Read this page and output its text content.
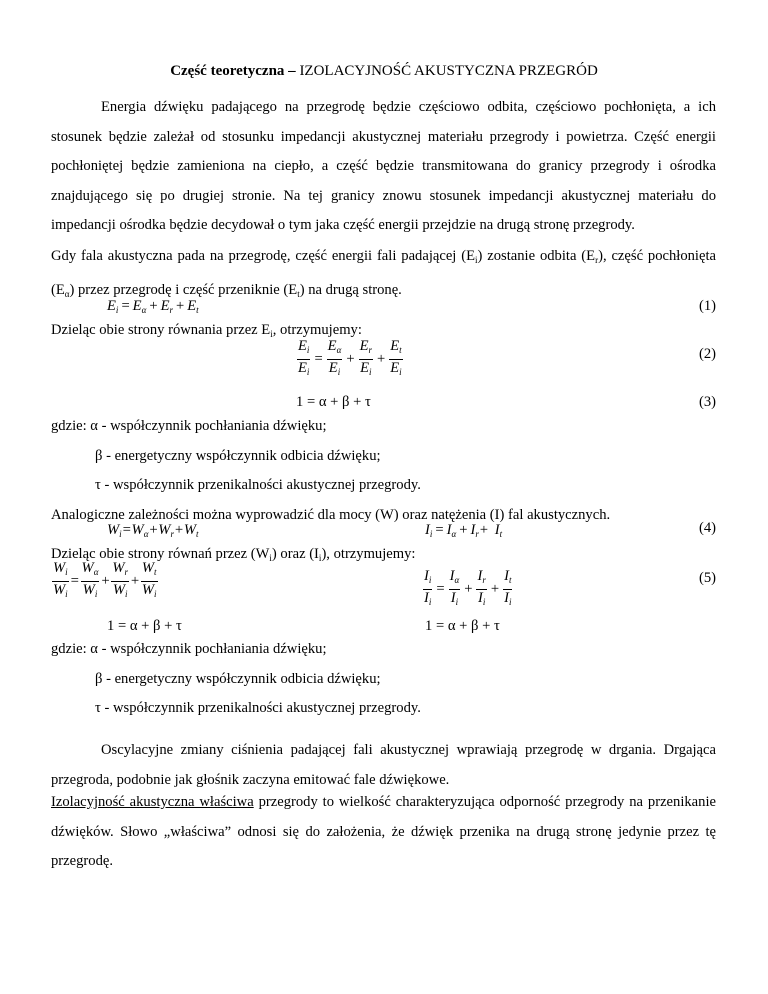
Część teoretyczna – IZOLACYJNOŚĆ AKUSTYCZNA PRZEGRÓD
Energia dźwięku padającego na przegrodę będzie częściowo odbita, częściowo pochłonięta, a ich stosunek będzie zależał od stosunku impedancji akustycznej materiału przegrody i powietrza. Część energii pochłoniętej będzie zamieniona na ciepło, a część będzie transmitowana do granicy przegrody i ośrodka znajdującego się po drugiej stronie. Na tej granicy znowu stosunek impedancji akustycznej materiału do impedancji ośrodka będzie decydował o tym jaka część energii przejdzie na drugą stronę przegrody.
Gdy fala akustyczna pada na przegrodę, część energii fali padającej $(E_i)$ zostanie odbita $(E_r)$, część pochłonięta $(E_\alpha)$ przez przegrodę i część przeniknie $(E_t)$ na drugą stronę.
$E_i = E_\alpha + E_r + E_t$	(1)
Dzieląc obie strony równania przez $E_i$, otrzymujemy:
$\frac{E_i}{E_i} = \frac{E_\alpha}{E_i} + \frac{E_r}{E_i} + \frac{E_t}{E_i}$	(2)
1 = α + β + τ	(3)
gdzie: α - współczynnik pochłaniania dźwięku;
β - energetyczny współczynnik odbicia dźwięku;
τ - współczynnik przenikalności akustycznej przegrody.
Analogiczne zależności można wyprowadzić dla mocy (W) oraz natężenia (I) fal akustycznych.
$W_i=W_\alpha+W_r+W_t$	$I_i = I_\alpha + I_r+ I_t$	(4)
Dzieląc obie strony równań przez $(W_i)$ oraz $(I_i)$, otrzymujemy:
$\frac{W_i}{W_i} = \frac{W_\alpha}{W_i} + \frac{W_r}{W_i} + \frac{W_t}{W_i}$	$\frac{I_i}{I_i} = \frac{I_\alpha}{I_i} + \frac{I_r}{I_i} + \frac{I_t}{I_i}$	(5)
1 = α + β + τ	1 = α + β + τ
gdzie: α - współczynnik pochłaniania dźwięku;
β - energetyczny współczynnik odbicia dźwięku;
τ - współczynnik przenikalności akustycznej przegrody.
Oscylacyjne zmiany ciśnienia padającej fali akustycznej wprawiają przegrodę w drgania. Drgająca przegroda, podobnie jak głośnik zaczyna emitować fale dźwiękowe.
Izolacyjność akustyczna właściwa przegrody to wielkość charakteryzująca odporność przegrody na przenikanie dźwięków. Słowo „właściwa” odnosi się do założenia, że dźwięk przenika na drugą stronę jedynie przez tę przegrodę.
